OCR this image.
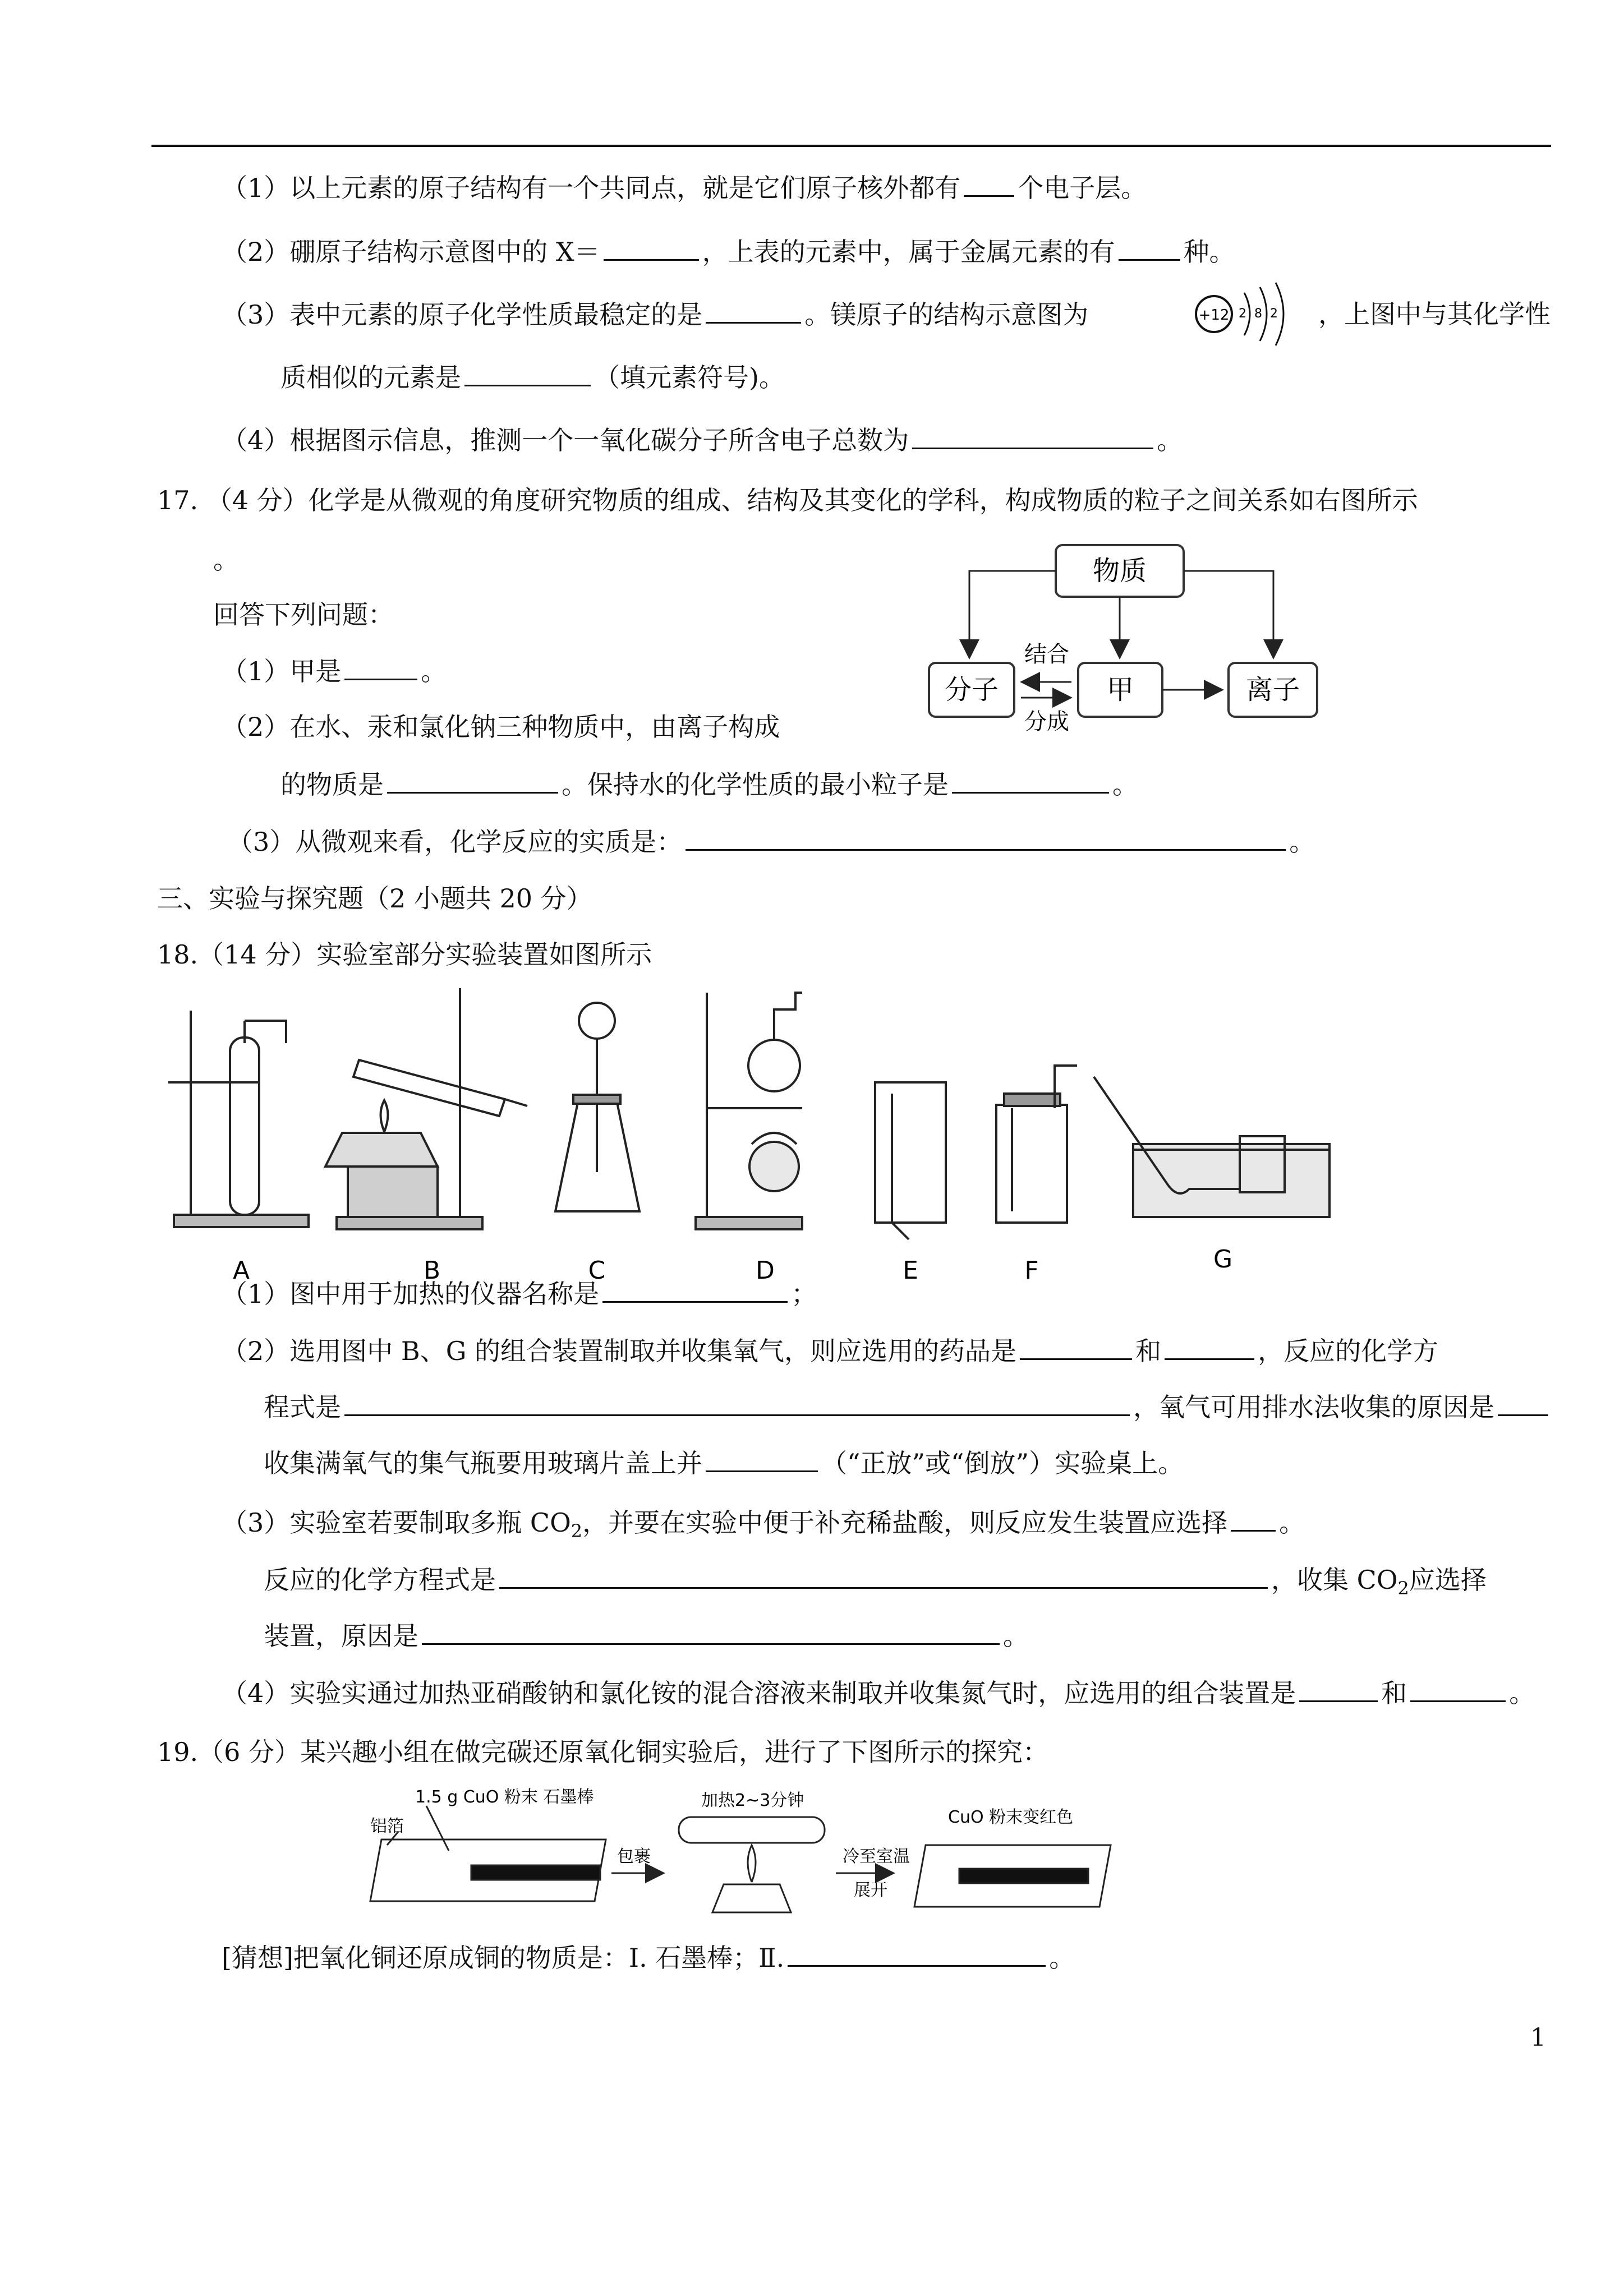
（1）以上元素的原子结构有一个共同点，就是它们原子核外都有 个电子层。
（2）硼原子结构示意图中的 X＝	，上表的元素中，属于金属元素的有	种。
（3）表中元素的原子化学性质最稳定的是	。镁原子的结构示意图为	+12 2 8 2 ，上图中与其化学性
质相似的元素是	（填元素符号)。
（4）根据图示信息，推测一个一氧化碳分子所含电子总数为	。
17. （4 分）化学是从微观的角度研究物质的组成、结构及其变化的学科，构成物质的粒子之间关系如右图所示
。
回答下列问题：
（1）甲是	。
（2）在水、汞和氯化钠三种物质中，由离子构成
的物质是	。保持水的化学性质的最小粒子是	。
（3）从微观来看，化学反应的实质是：	。
物质
分子	甲	离子
结合
分成
三、实验与探究题（2 小题共 20 分）
18.（14 分）实验室部分实验装置如图所示
A	B	C	D	E	F	G
（1）图中用于加热的仪器名称是	；
（2）选用图中 B、G 的组合装置制取并收集氧气，则应选用的药品是	和	，反应的化学方
程式是	，氧气可用排水法收集的原因是
收集满氧气的集气瓶要用玻璃片盖上并	（“正放”或“倒放”）实验桌上。
（3）实验室若要制取多瓶 $CO_2$，并要在实验中便于补充稀盐酸，则反应发生装置应选择 。
反应的化学方程式是	，收集 $CO_2$应选择
装置，原因是	。
（4）实验实通过加热亚硝酸钠和氯化铵的混合溶液来制取并收集氮气时，应选用的组合装置是	和	。
19.（6 分）某兴趣小组在做完碳还原氧化铜实验后，进行了下图所示的探究：
铝箔
1.5 g CuO 粉末 石墨棒
包裹
加热2~3分钟
冷至室温
展开
CuO 粉末变红色
[猜想]把氧化铜还原成铜的物质是：Ⅰ. 石墨棒；Ⅱ.	。
1
